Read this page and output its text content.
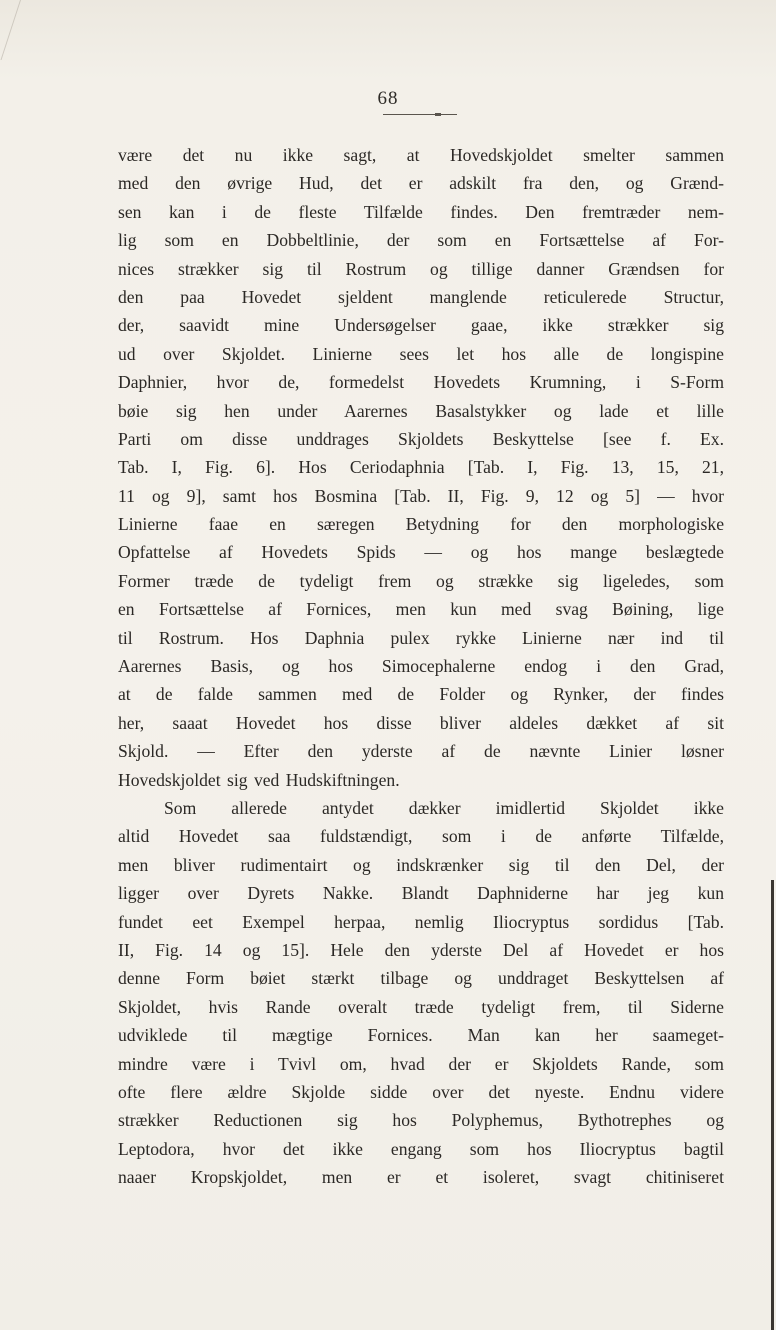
68
være det nu ikke sagt, at Hovedskjoldet smelter sammen
med den øvrige Hud, det er adskilt fra den, og Grænd-
sen kan i de fleste Tilfælde findes. Den fremtræder nem-
lig som en Dobbeltlinie, der som en Fortsættelse af For-
nices strækker sig til Rostrum og tillige danner Grændsen for
den paa Hovedet sjeldent manglende reticulerede Structur,
der, saavidt mine Undersøgelser gaae, ikke strækker sig
ud over Skjoldet. Linierne sees let hos alle de longispine
Daphnier, hvor de, formedelst Hovedets Krumning, i S-Form
bøie sig hen under Aarernes Basalstykker og lade et lille
Parti om disse unddrages Skjoldets Beskyttelse [see f. Ex.
Tab. I, Fig. 6]. Hos Ceriodaphnia [Tab. I, Fig. 13, 15, 21,
11 og 9], samt hos Bosmina [Tab. II, Fig. 9, 12 og 5] — hvor
Linierne faae en særegen Betydning for den morphologiske
Opfattelse af Hovedets Spids — og hos mange beslægtede
Former træde de tydeligt frem og strække sig ligeledes, som
en Fortsættelse af Fornices, men kun med svag Bøining, lige
til Rostrum. Hos Daphnia pulex rykke Linierne nær ind til
Aarernes Basis, og hos Simocephalerne endog i den Grad,
at de falde sammen med de Folder og Rynker, der findes
her, saaat Hovedet hos disse bliver aldeles dækket af sit
Skjold. — Efter den yderste af de nævnte Linier løsner
Hovedskjoldet sig ved Hudskiftningen.
Som allerede antydet dækker imidlertid Skjoldet ikke
altid Hovedet saa fuldstændigt, som i de anførte Tilfælde,
men bliver rudimentairt og indskrænker sig til den Del, der
ligger over Dyrets Nakke. Blandt Daphniderne har jeg kun
fundet eet Exempel herpaa, nemlig Iliocryptus sordidus [Tab.
II, Fig. 14 og 15]. Hele den yderste Del af Hovedet er hos
denne Form bøiet stærkt tilbage og unddraget Beskyttelsen af
Skjoldet, hvis Rande overalt træde tydeligt frem, til Siderne
udviklede til mægtige Fornices. Man kan her saameget-
mindre være i Tvivl om, hvad der er Skjoldets Rande, som
ofte flere ældre Skjolde sidde over det nyeste. Endnu videre
strækker Reductionen sig hos Polyphemus, Bythotrephes og
Leptodora, hvor det ikke engang som hos Iliocryptus bagtil
naaer Kropskjoldet, men er et isoleret, svagt chitiniseret
